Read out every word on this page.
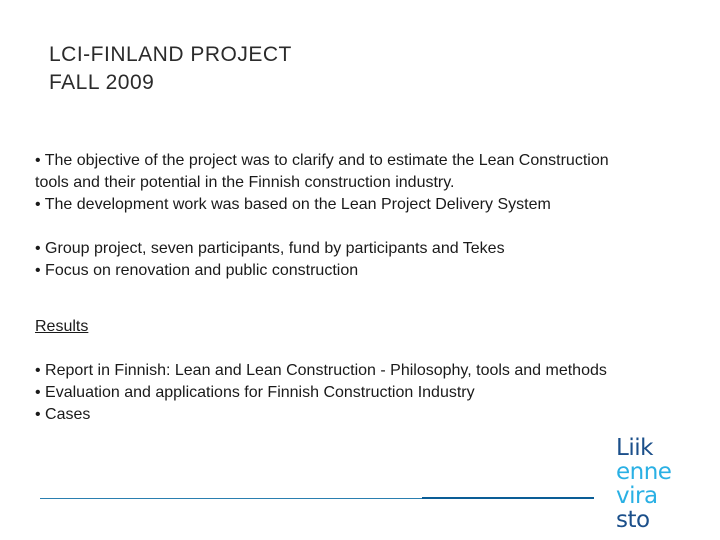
LCI-FINLAND PROJECT
FALL 2009
• The objective of the project was to clarify and to estimate the Lean Construction
tools and their potential in the Finnish construction industry.
• The development work was based on the Lean Project Delivery System
• Group project, seven participants, fund by participants and Tekes
• Focus on renovation and public construction
Results
• Report in Finnish: Lean and Lean Construction - Philosophy, tools and methods
• Evaluation and applications for Finnish Construction Industry
• Cases
Liik
enne
vira
sto
